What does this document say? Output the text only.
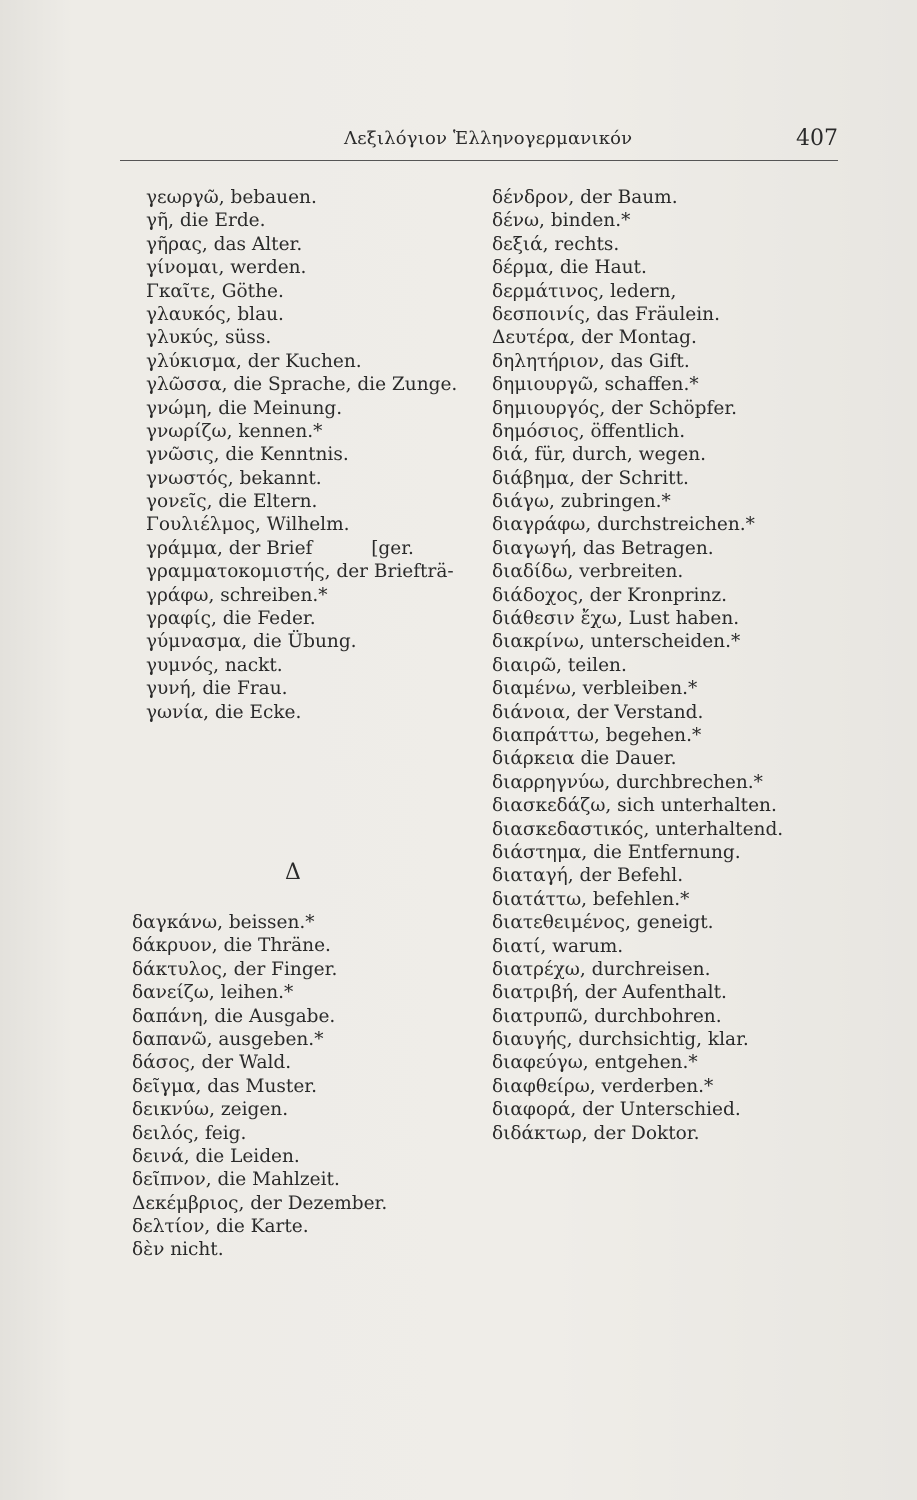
Λεξιλόγιον Ἑλληνογερμανικόν	407
γεωργῶ, bebauen.
γῆ, die Erde.
γῆρας, das Alter.
γίνομαι, werden.
Γκαῖτε, Göthe.
γλαυκός, blau.
γλυκύς, süss.
γλύκισμα, der Kuchen.
γλῶσσα, die Sprache, die Zunge.
γνώμη, die Meinung.
γνωρίζω, kennen.*
γνῶσις, die Kenntnis.
γνωστός, bekannt.
γονεῖς, die Eltern.
Γουλιέλμος, Wilhelm.
γράμμα, der Brief          [ger.
γραμματοκομιστής, der Briefträ-
γράφω, schreiben.*
γραφίς, die Feder.
γύμνασμα, die Übung.
γυμνός, nackt.
γυνή, die Frau.
γωνία, die Ecke.
Δ
δαγκάνω, beissen.*
δάκρυον, die Thräne.
δάκτυλος, der Finger.
δανείζω, leihen.*
δαπάνη, die Ausgabe.
δαπανῶ, ausgeben.*
δάσος, der Wald.
δεῖγμα, das Muster.
δεικνύω, zeigen.
δειλός, feig.
δεινά, die Leiden.
δεῖπνον, die Mahlzeit.
Δεκέμβριος, der Dezember.
δελτίον, die Karte.
δὲν nicht.
δένδρον, der Baum.
δένω, binden.*
δεξιά, rechts.
δέρμα, die Haut.
δερμάτινος, ledern,
δεσποινίς, das Fräulein.
Δευτέρα, der Montag.
δηλητήριον, das Gift.
δημιουργῶ, schaffen.*
δημιουργός, der Schöpfer.
δημόσιος, öffentlich.
διά, für, durch, wegen.
διάβημα, der Schritt.
διάγω, zubringen.*
διαγράφω, durchstreichen.*
διαγωγή, das Betragen.
διαδίδω, verbreiten.
διάδοχος, der Kronprinz.
διάθεσιν ἔχω, Lust haben.
διακρίνω, unterscheiden.*
διαιρῶ, teilen.
διαμένω, verbleiben.*
διάνοια, der Verstand.
διαπράττω, begehen.*
διάρκεια die Dauer.
διαρρηγνύω, durchbrechen.*
διασκεδάζω, sich unterhalten.
διασκεδαστικός, unterhaltend.
διάστημα, die Entfernung.
διαταγή, der Befehl.
διατάττω, befehlen.*
διατεθειμένος, geneigt.
διατί, warum.
διατρέχω, durchreisen.
διατριβή, der Aufenthalt.
διατρυπῶ, durchbohren.
διαυγής, durchsichtig, klar.
διαφεύγω, entgehen.*
διαφθείρω, verderben.*
διαφορά, der Unterschied.
διδάκτωρ, der Doktor.
